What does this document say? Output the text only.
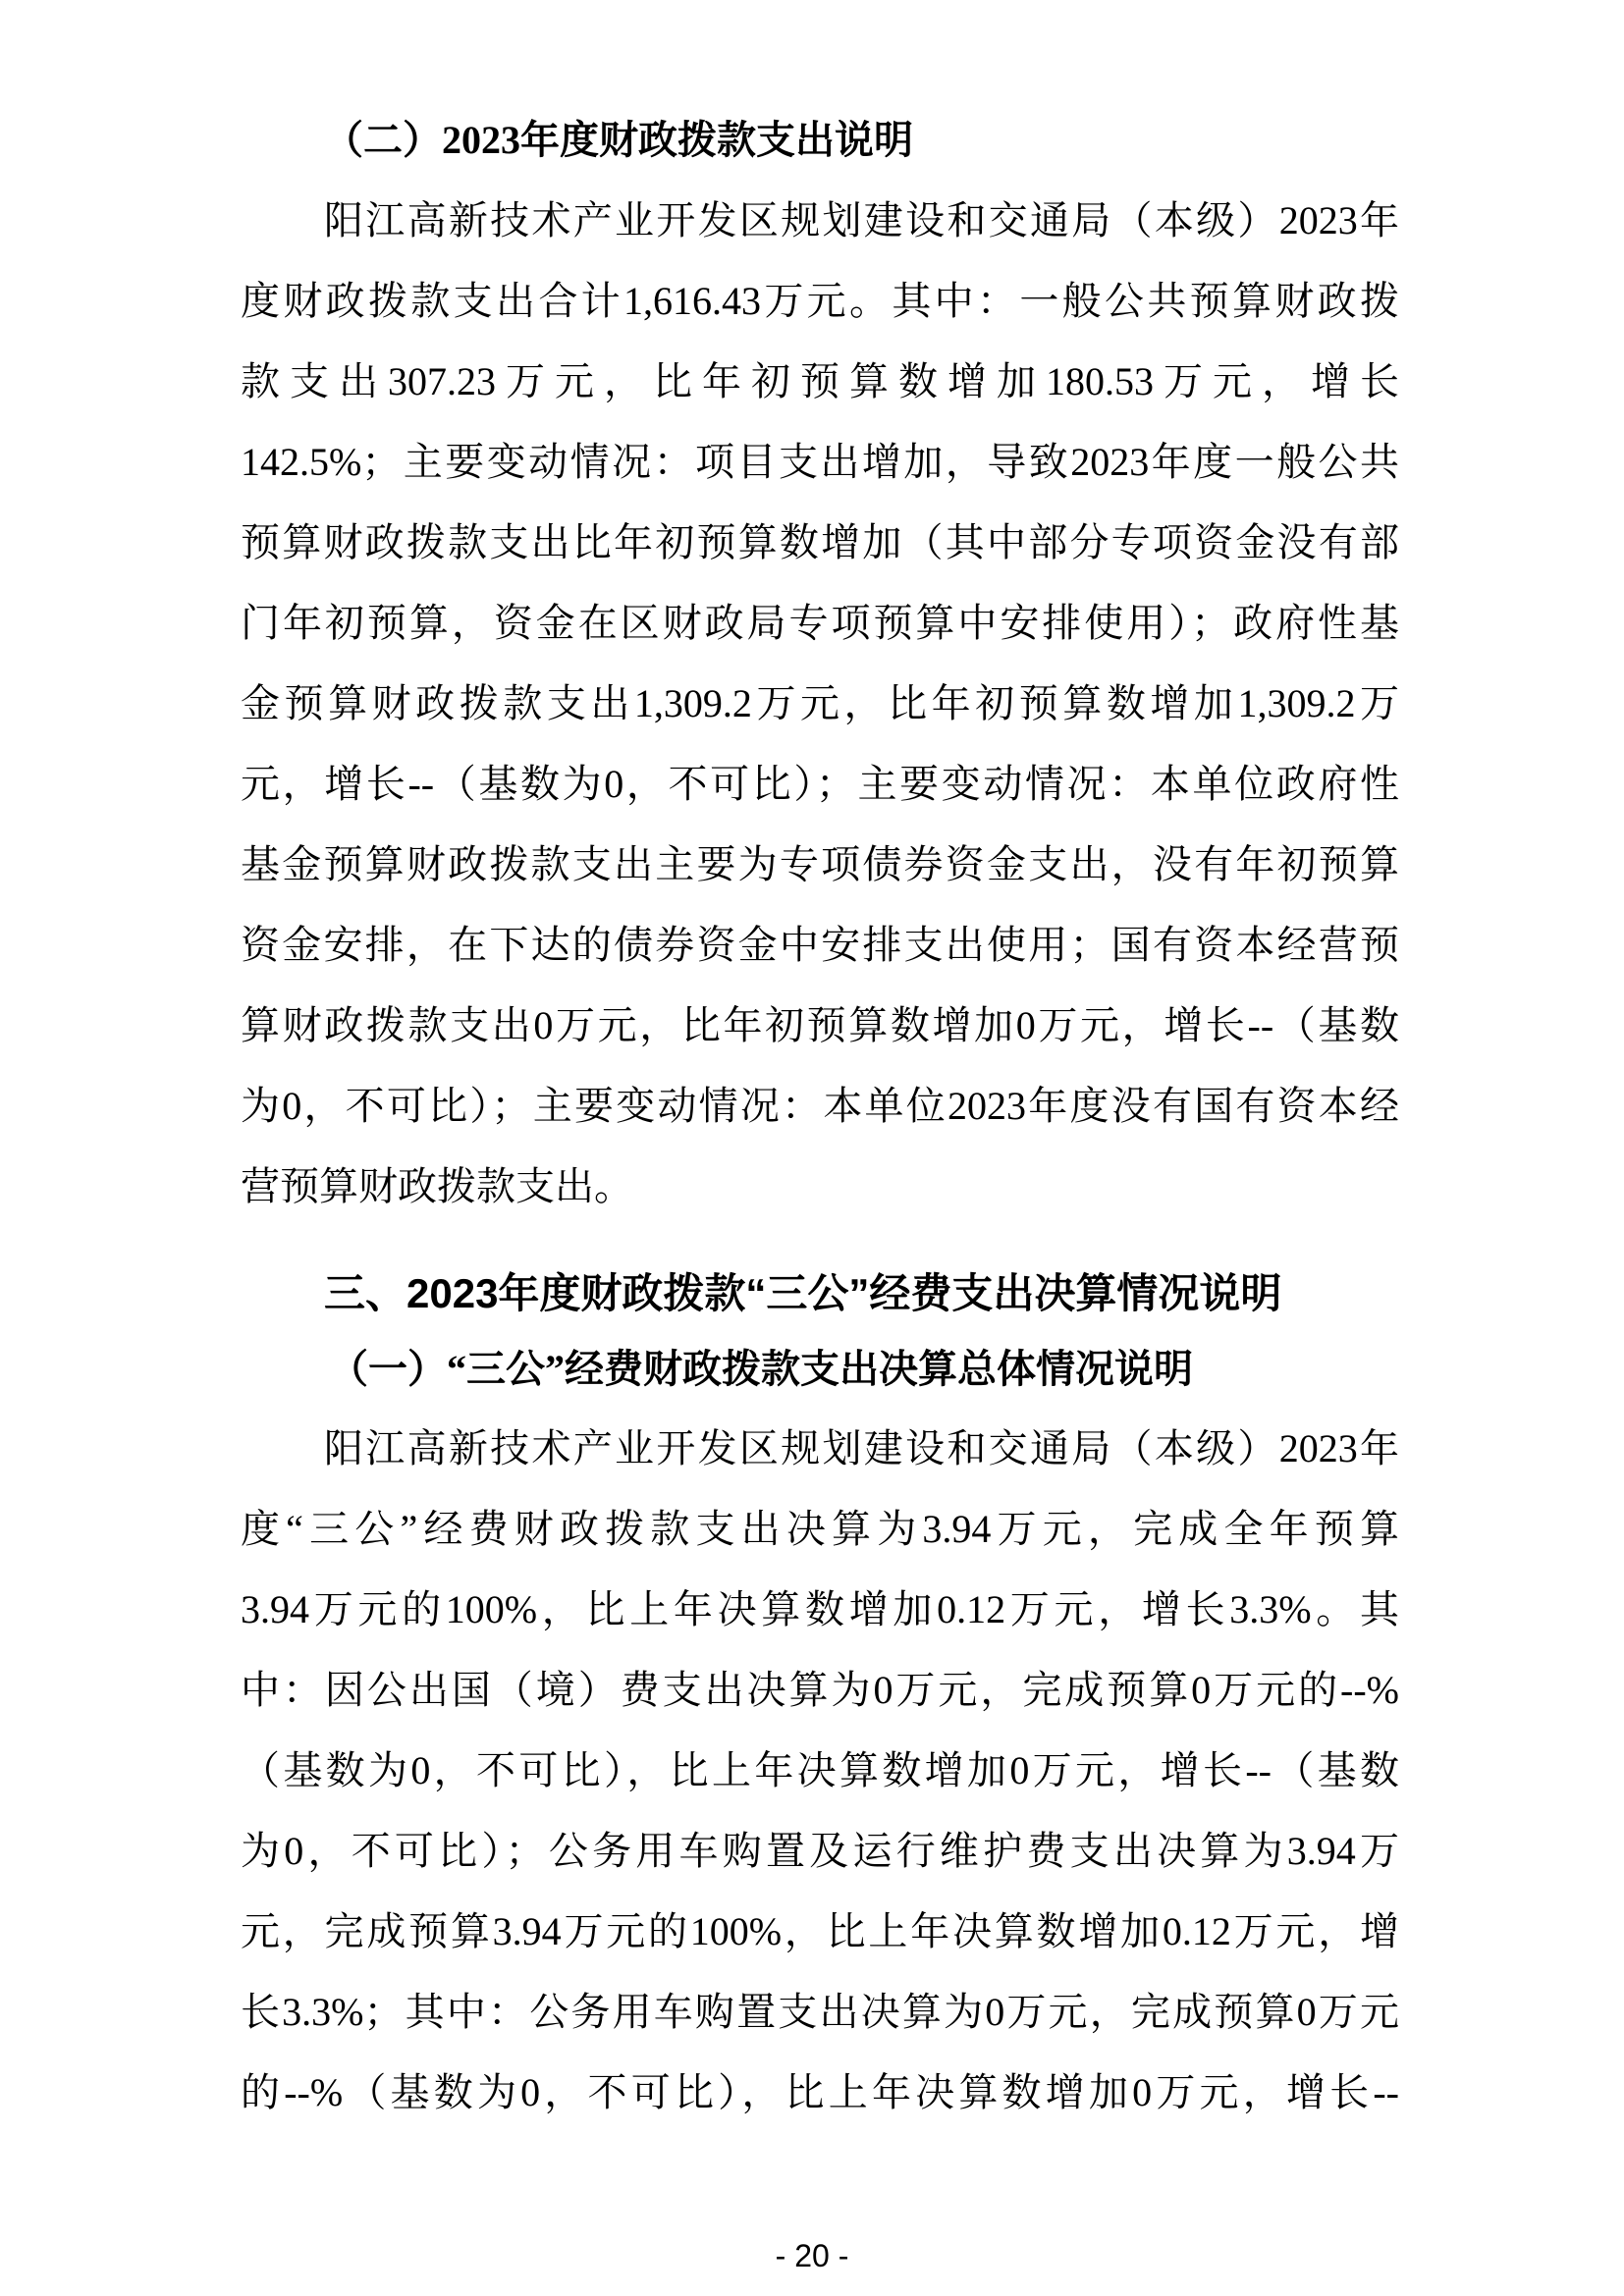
（二）2023年度财政拨款支出说明
阳江高新技术产业开发区规划建设和交通局（本级）2023年
度财政拨款支出合计1,616.43万元。其中：一般公共预算财政拨
款支出307.23万元，比年初预算数增加180.53万元，增长
142.5%；主要变动情况：项目支出增加，导致2023年度一般公共
预算财政拨款支出比年初预算数增加（其中部分专项资金没有部
门年初预算，资金在区财政局专项预算中安排使用）；政府性基
金预算财政拨款支出1,309.2万元，比年初预算数增加1,309.2万
元，增长--（基数为0，不可比）；主要变动情况：本单位政府性
基金预算财政拨款支出主要为专项债券资金支出，没有年初预算
资金安排，在下达的债券资金中安排支出使用；国有资本经营预
算财政拨款支出0万元，比年初预算数增加0万元，增长--（基数
为0，不可比）；主要变动情况：本单位2023年度没有国有资本经
营预算财政拨款支出。
三、2023年度财政拨款“三公”经费支出决算情况说明
（一）“三公”经费财政拨款支出决算总体情况说明
阳江高新技术产业开发区规划建设和交通局（本级）2023年
度“三公”经费财政拨款支出决算为3.94万元，完成全年预算
3.94万元的100%，比上年决算数增加0.12万元，增长3.3%。其
中：因公出国（境）费支出决算为0万元，完成预算0万元的--%
（基数为0，不可比），比上年决算数增加0万元，增长--（基数
为0，不可比）；公务用车购置及运行维护费支出决算为3.94万
元，完成预算3.94万元的100%，比上年决算数增加0.12万元，增
长3.3%；其中：公务用车购置支出决算为0万元，完成预算0万元
的--%（基数为0，不可比），比上年决算数增加0万元，增长--
- 20 -
